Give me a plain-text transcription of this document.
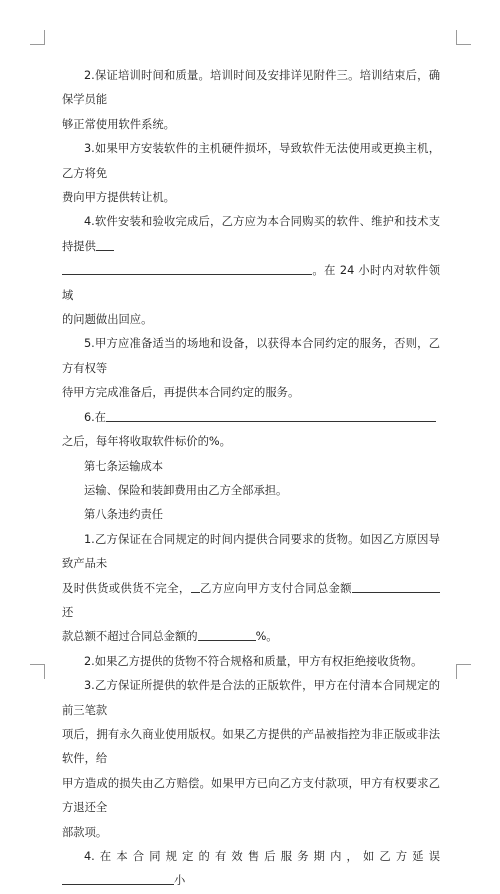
2.保证培训时间和质量。培训时间及安排详见附件三。培训结束后，确保学员能

够正常使用软件系统。

3.如果甲方安装软件的主机硬件损坏，导致软件无法使用或更换主机，乙方将免

费向甲方提供转让机。

4.软件安装和验收完成后，乙方应为本合同购买的软件、维护和技术支持提供

。在 24 小时内对软件领域

的问题做出回应。

5.甲方应准备适当的场地和设备，以获得本合同约定的服务，否则，乙方有权等

待甲方完成准备后，再提供本合同约定的服务。

6.在

之后，每年将收取软件标价的%。

第七条运输成本

运输、保险和装卸费用由乙方全部承担。

第八条违约责任

1.乙方保证在合同规定的时间内提供合同要求的货物。如因乙方原因导致产品未

及时供货或供货不完全， 乙方应向甲方支付合同总金额还

款总额不超过合同总金额的	%。

2.如果乙方提供的货物不符合规格和质量，甲方有权拒绝接收货物。

3.乙方保证所提供的软件是合法的正版软件，甲方在付清本合同规定的前三笔款

项后，拥有永久商业使用版权。如果乙方提供的产品被指控为非正版或非法软件，给

甲方造成的损失由乙方赔偿。如果甲方已向乙方支付款项，甲方有权要求乙方退还全

部款项。

4.在本合同规定的有效售后服务期内，如乙方延误小
